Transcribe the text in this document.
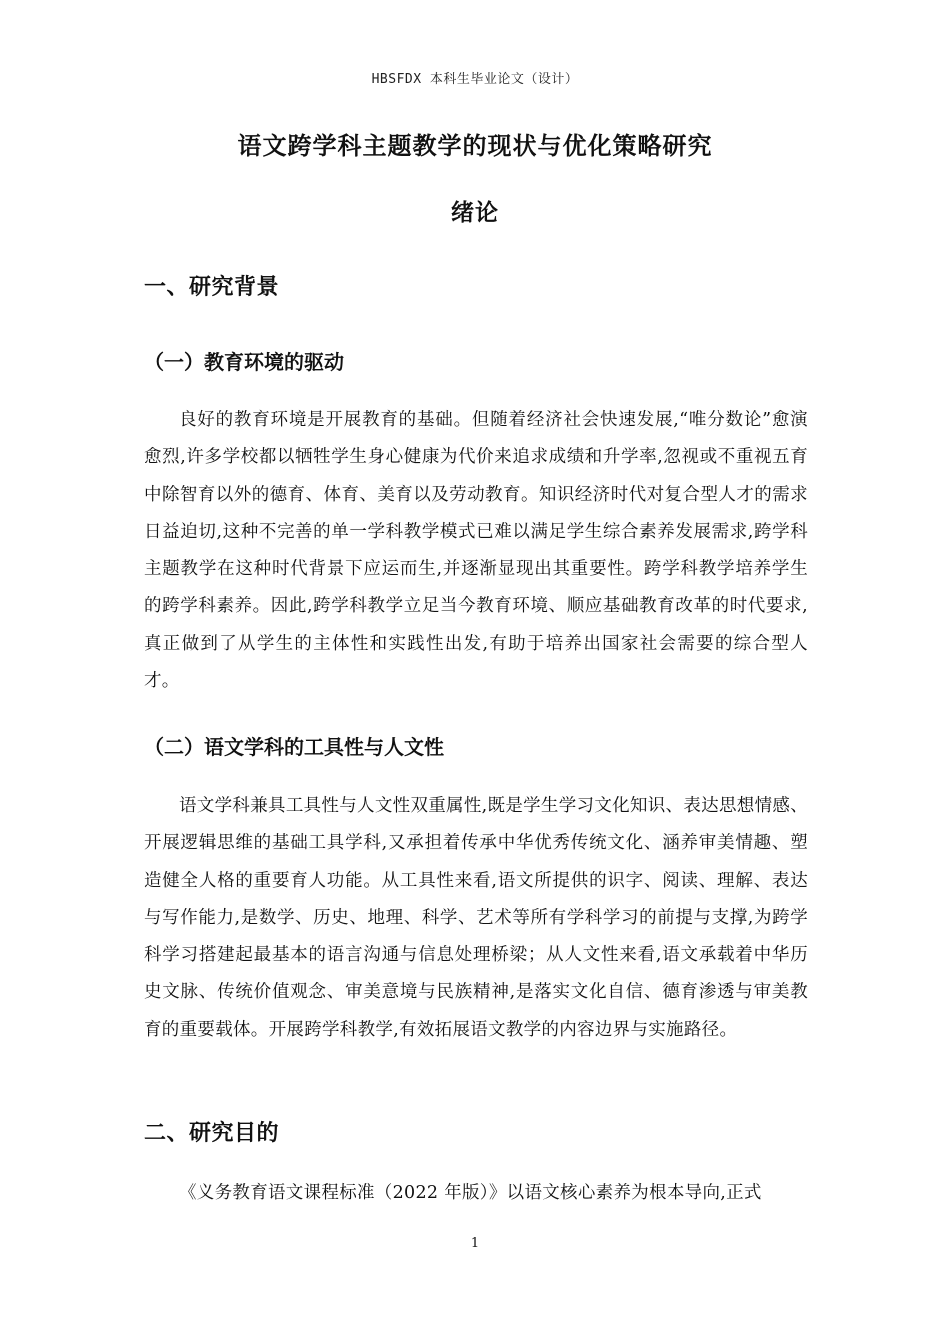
HBSFDX 本科生毕业论文（设计）
语文跨学科主题教学的现状与优化策略研究
绪论
一、研究背景
（一）教育环境的驱动

良好的教育环境是开展教育的基础。但随着经济社会快速发展,“唯分数论”愈演愈烈,许多学校都以牺牲学生身心健康为代价来追求成绩和升学率,忽视或不重视五育中除智育以外的德育、体育、美育以及劳动教育。知识经济时代对复合型人才的需求日益迫切,这种不完善的单一学科教学模式已难以满足学生综合素养发展需求,跨学科主题教学在这种时代背景下应运而生,并逐渐显现出其重要性。跨学科教学培养学生的跨学科素养。因此,跨学科教学立足当今教育环境、顺应基础教育改革的时代要求,真正做到了从学生的主体性和实践性出发,有助于培养出国家社会需要的综合型人才。

（二）语文学科的工具性与人文性

语文学科兼具工具性与人文性双重属性,既是学生学习文化知识、表达思想情感、开展逻辑思维的基础工具学科,又承担着传承中华优秀传统文化、涵养审美情趣、塑造健全人格的重要育人功能。从工具性来看,语文所提供的识字、阅读、理解、表达与写作能力,是数学、历史、地理、科学、艺术等所有学科学习的前提与支撑,为跨学科学习搭建起最基本的语言沟通与信息处理桥梁；从人文性来看,语文承载着中华历史文脉、传统价值观念、审美意境与民族精神,是落实文化自信、德育渗透与审美教育的重要载体。开展跨学科教学,有效拓展语文教学的内容边界与实施路径。

二、研究目的

《义务教育语文课程标准（2022 年版）》以语文核心素养为根本导向,正式

1
